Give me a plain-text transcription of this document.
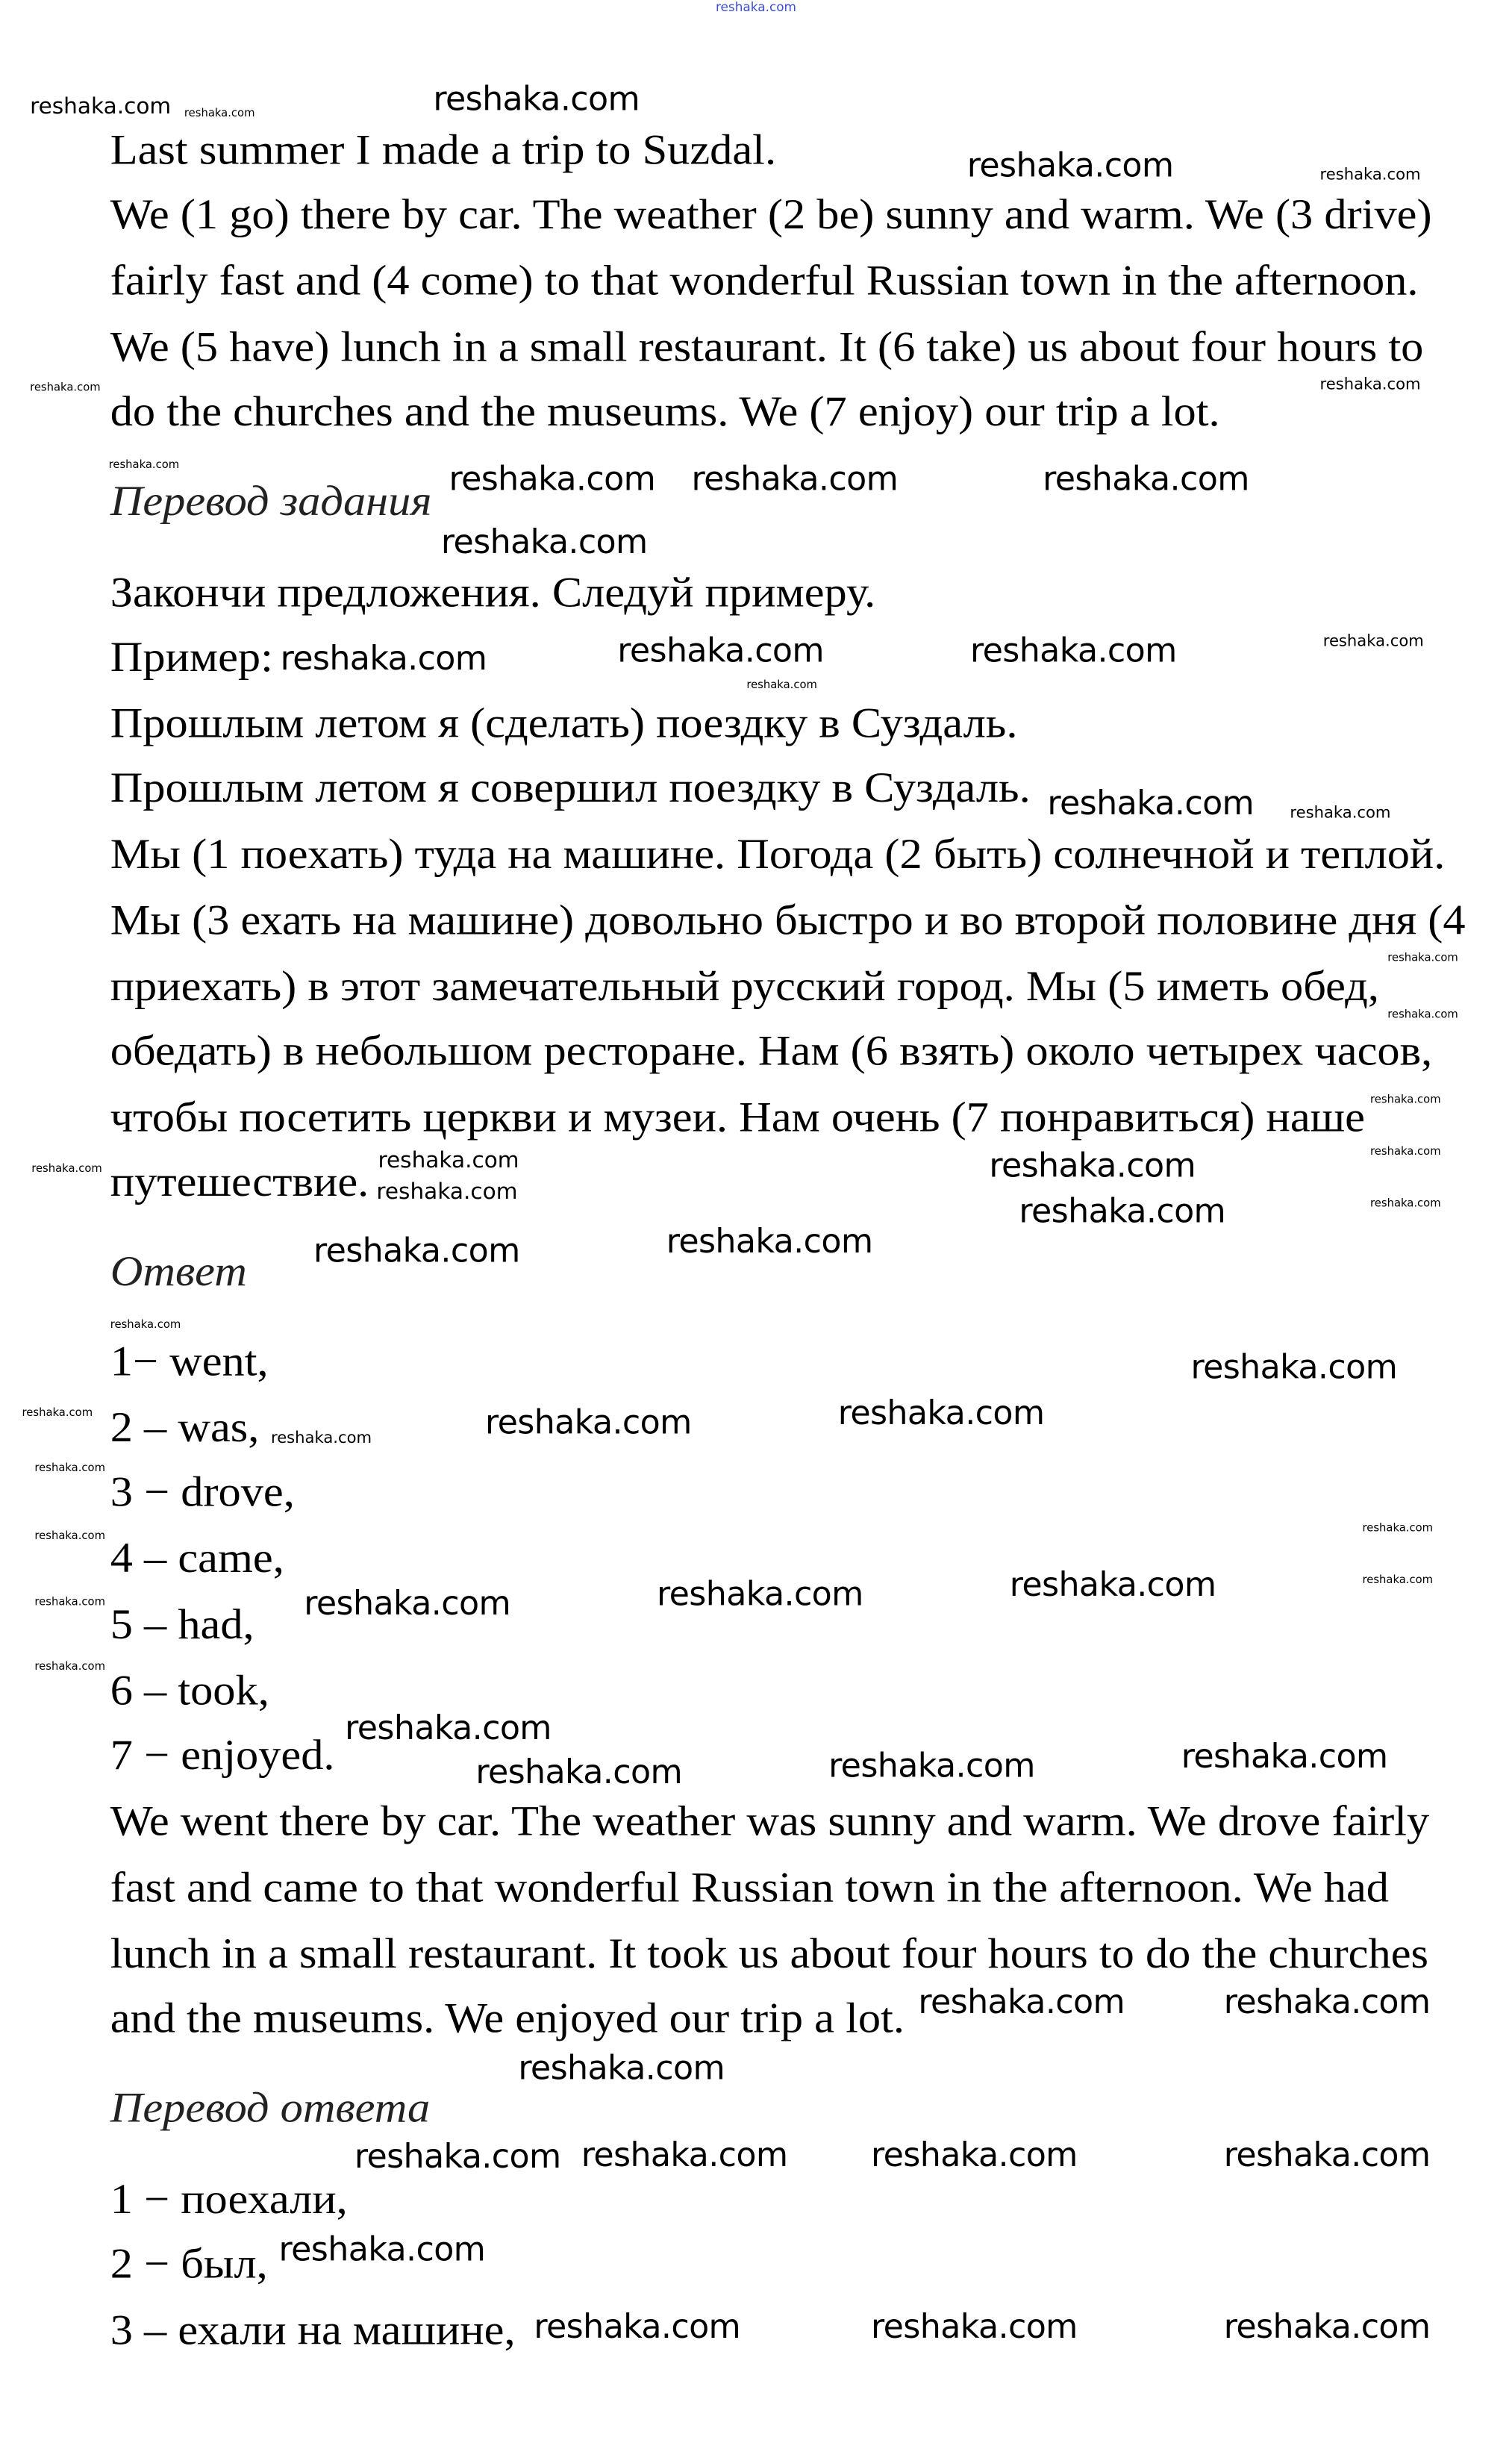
reshaka.com
Last summer I made a trip to Suzdal.
We (1 go) there by car. The weather (2 be) sunny and warm. We (3 drive)
fairly fast and (4 come) to that wonderful Russian town in the afternoon.
We (5 have) lunch in a small restaurant. It (6 take) us about four hours to
do the churches and the museums. We (7 enjoy) our trip a lot.
Перевод задания
Закончи предложения. Следуй примеру.
Пример:
Прошлым летом я (сделать) поездку в Суздаль.
Прошлым летом я совершил поездку в Суздаль.
Мы (1 поехать) туда на машине. Погода (2 быть) солнечной и теплой.
Мы (3 ехать на машине) довольно быстро и во второй половине дня (4
приехать) в этот замечательный русский город. Мы (5 иметь обед,
обедать) в небольшом ресторане. Нам (6 взять) около четырех часов,
чтобы посетить церкви и музеи. Нам очень (7 понравиться) наше
путешествие.
Ответ
1− went,
2 – was,
3 − drove,
4 – came,
5 – had,
6 – took,
7 − enjoyed.
We went there by car. The weather was sunny and warm. We drove fairly
fast and came to that wonderful Russian town in the afternoon. We had
lunch in a small restaurant. It took us about four hours to do the churches
and the museums. We enjoyed our trip a lot.
Перевод ответа
1 − поехали,
2 − был,
3 – ехали на машине,
reshaka.com
reshaka.com
reshaka.com	reshaka.com
reshaka.com
reshaka.com
reshaka.com
reshaka.com	reshaka.com reshaka.com	reshaka.com
reshaka.com	reshaka.com	reshaka.com	reshaka.com
reshaka.com
reshaka.com
reshaka.com	reshaka.com
reshaka.com
reshaka.com
reshaka.com
reshaka.com
reshaka.com
reshaka.com
reshaka.com
reshaka.com
reshaka.com
reshaka.com
reshaka.com	reshaka.com
reshaka.com
reshaka.com
reshaka.com
reshaka.com	reshaka.com	reshaka.com
reshaka.com
reshaka.com
reshaka.com
reshaka.com	reshaka.com	reshaka.com	reshaka.com
reshaka.com
reshaka.com
reshaka.com	reshaka.com	reshaka.com
reshaka.com
reshaka.com
reshaka.com	reshaka.com
reshaka.com reshaka.com	reshaka.com	reshaka.com
reshaka.com
reshaka.com	reshaka.com	reshaka.com
